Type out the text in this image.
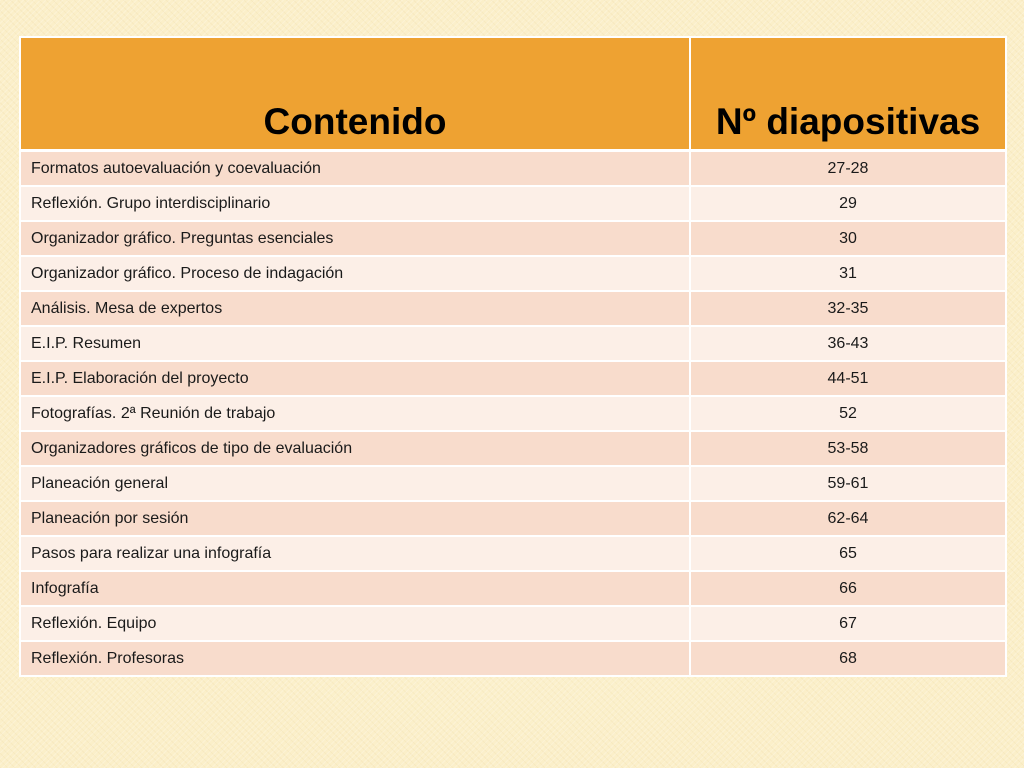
Contenido	Nº diapositivas
Formatos autoevaluación y coevaluación	27-28
Reflexión. Grupo interdisciplinario	29
Organizador gráfico. Preguntas esenciales	30
Organizador gráfico. Proceso de indagación	31
Análisis. Mesa de expertos	32-35
E.I.P. Resumen	36-43
E.I.P. Elaboración del proyecto	44-51
Fotografías. 2ª Reunión de trabajo	52
Organizadores gráficos de tipo de evaluación	53-58
Planeación general	59-61
Planeación por sesión	62-64
Pasos para realizar una infografía	65
Infografía	66
Reflexión. Equipo	67
Reflexión. Profesoras	68
